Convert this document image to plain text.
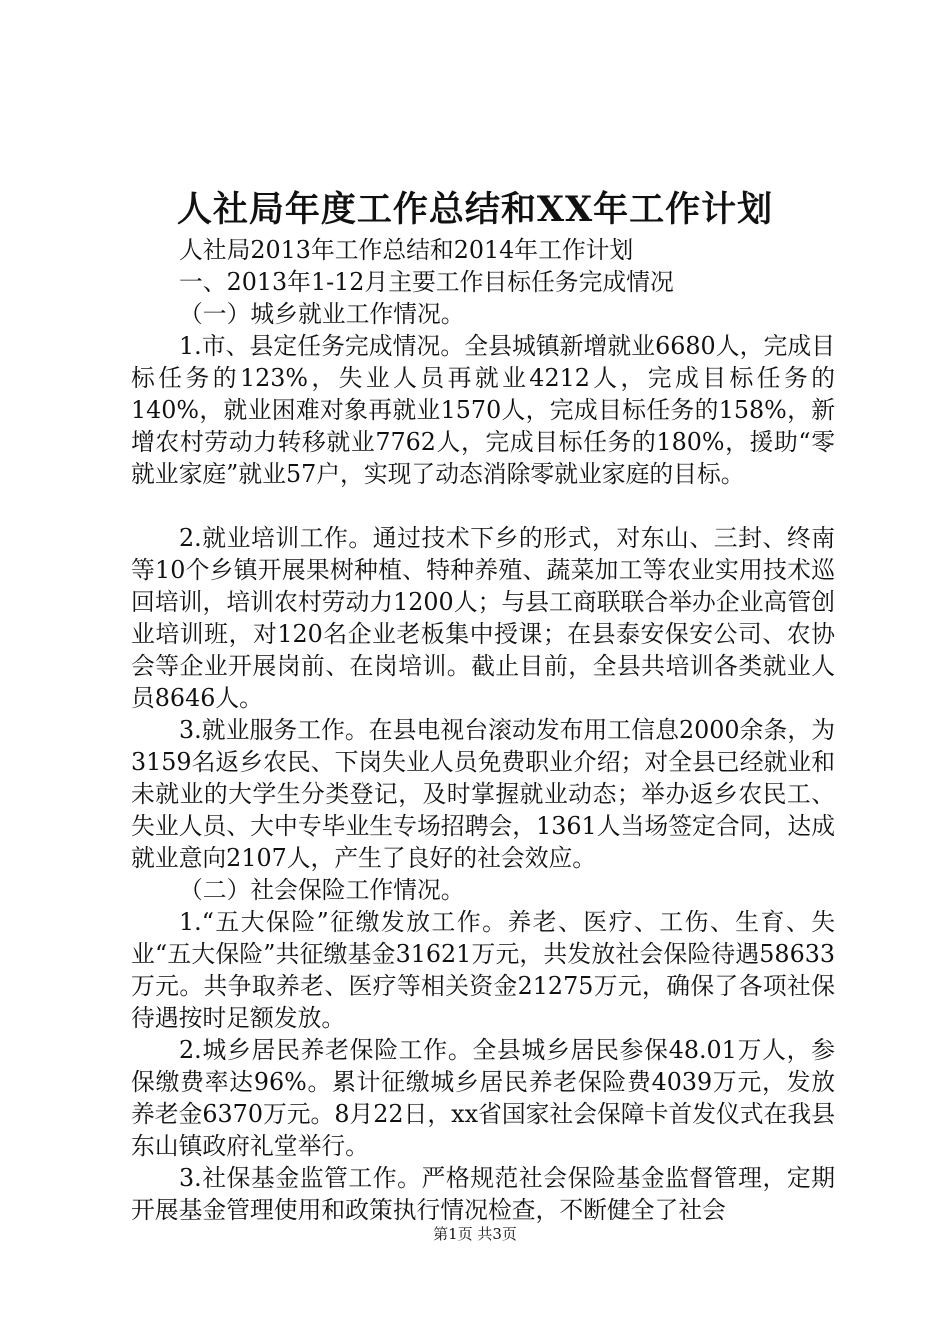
人社局年度工作总结和XX年工作计划

人社局2013年工作总结和2014年工作计划

一、2013年1-12月主要工作目标任务完成情况

（一）城乡就业工作情况。

1.市、县定任务完成情况。全县城镇新增就业6680人，完成目标任务的123%，失业人员再就业4212人，完成目标任务的140%，就业困难对象再就业1570人，完成目标任务的158%，新增农村劳动力转移就业7762人，完成目标任务的180%，援助“零就业家庭”就业57户，实现了动态消除零就业家庭的目标。

2.就业培训工作。通过技术下乡的形式，对东山、三封、终南等10个乡镇开展果树种植、特种养殖、蔬菜加工等农业实用技术巡回培训，培训农村劳动力1200人；与县工商联联合举办企业高管创业培训班，对120名企业老板集中授课；在县泰安保安公司、农协会等企业开展岗前、在岗培训。截止目前，全县共培训各类就业人员8646人。

3.就业服务工作。在县电视台滚动发布用工信息2000余条，为3159名返乡农民、下岗失业人员免费职业介绍；对全县已经就业和未就业的大学生分类登记，及时掌握就业动态；举办返乡农民工、失业人员、大中专毕业生专场招聘会，1361人当场签定合同，达成就业意向2107人，产生了良好的社会效应。

（二）社会保险工作情况。

1.“五大保险”征缴发放工作。养老、医疗、工伤、生育、失业“五大保险”共征缴基金31621万元，共发放社会保险待遇58633万元。共争取养老、医疗等相关资金21275万元，确保了各项社保待遇按时足额发放。

2.城乡居民养老保险工作。全县城乡居民参保48.01万人，参保缴费率达96%。累计征缴城乡居民养老保险费4039万元，发放养老金6370万元。8月22日，xx省国家社会保障卡首发仪式在我县东山镇政府礼堂举行。

3.社保基金监管工作。严格规范社会保险基金监督管理，定期开展基金管理使用和政策执行情况检查，不断健全了社会

第1页 共3页
